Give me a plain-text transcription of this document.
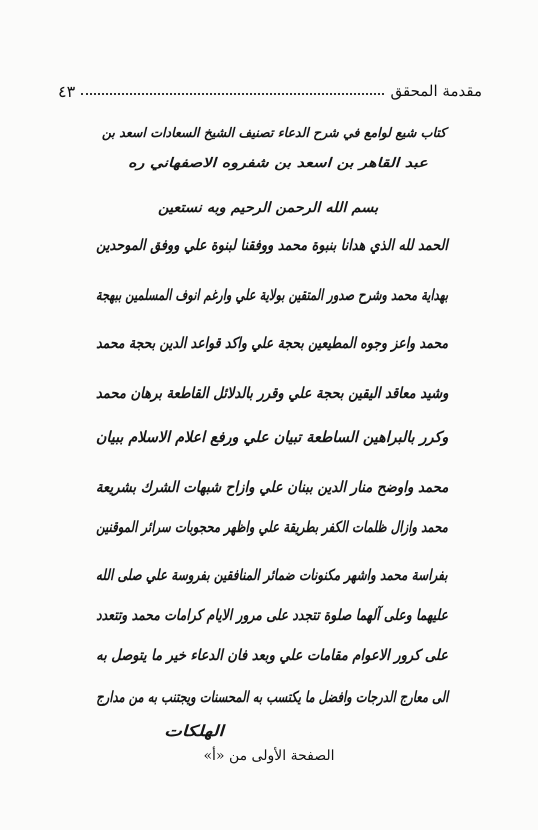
مقدمة المحقق
٤٣
كتاب شيع لوامع في شرح الدعاء تصنيف الشيخ السعادات اسعد بن
عبد القاهر بن اسعد بن شفروه الاصفهاني ره
بسم الله الرحمن الرحيم وبه نستعين
الحمد لله الذي هدانا بنبوة محمد ووفقنا لبنوة علي ووفق الموحدين
بهداية محمد وشرح صدور المتقين بولاية علي وارغم انوف المسلمين ببهجة
محمد واعز وجوه المطيعين بحجة علي واكد قواعد الدين بحجة محمد
وشيد معاقد اليقين بحجة علي وقرر بالدلائل القاطعة برهان محمد
وكرر بالبراهين الساطعة تبيان علي ورفع اعلام الاسلام ببيان
محمد واوضح منار الدين ببنان علي وازاح شبهات الشرك بشريعة
محمد وازال ظلمات الكفر بطريقة علي واظهر محجوبات سرائر الموقنين
بفراسة محمد واشهر مكنونات ضمائر المنافقين بفروسة علي صلى الله
عليهما وعلى آلهما صلوة تتجدد على مرور الايام كرامات محمد وتتعدد
على كرور الاعوام مقامات علي وبعد فان الدعاء خير ما يتوصل به
الى معارج الدرجات وافضل ما يكتسب به المحسنات ويجتنب به من مدارج
الهلكات
الصفحة الأولى من «أ»
